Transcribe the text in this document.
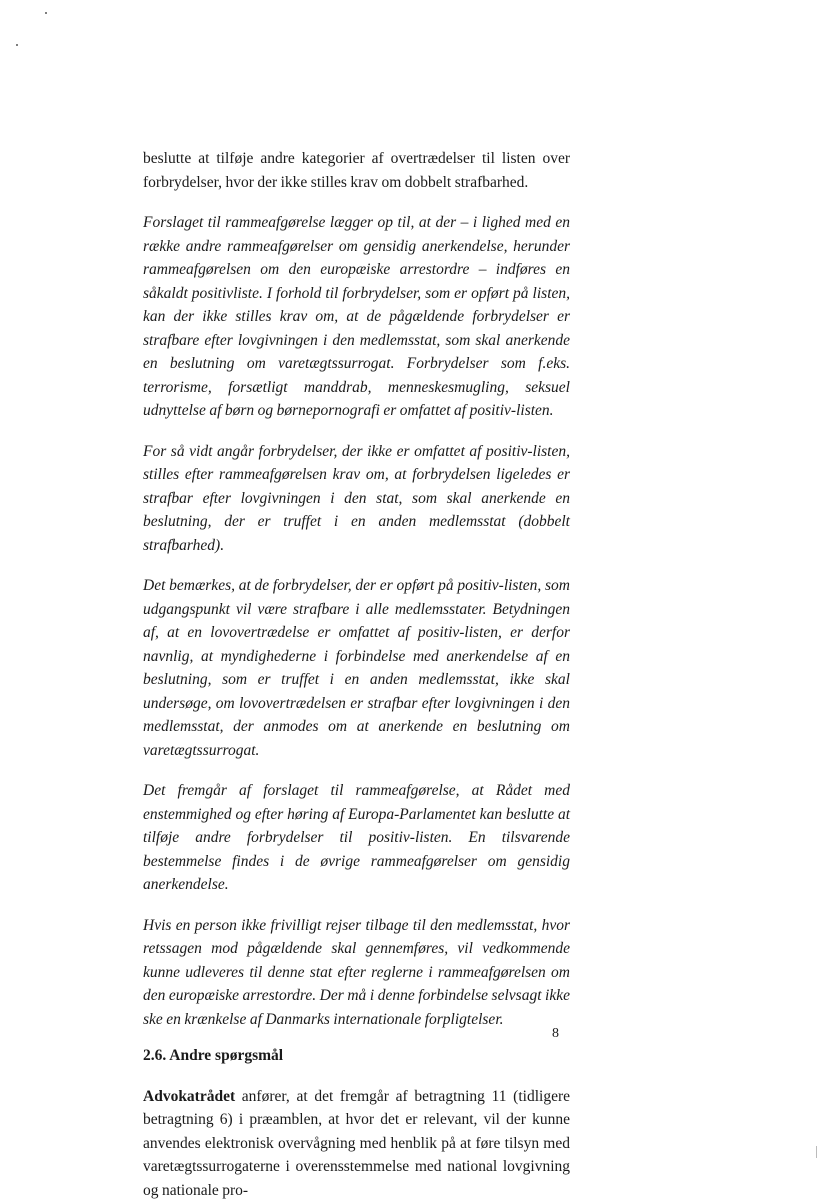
beslutte at tilføje andre kategorier af overtrædelser til listen over forbrydelser, hvor der ikke stilles krav om dobbelt strafbarhed.

Forslaget til rammeafgørelse lægger op til, at der – i lighed med en række andre rammeafgørelser om gensidig anerkendelse, herunder rammeafgørelsen om den europæiske arrestordre – indføres en såkaldt positivliste. I forhold til forbrydelser, som er opført på listen, kan der ikke stilles krav om, at de pågældende forbrydelser er strafbare efter lovgivningen i den medlemsstat, som skal anerkende en beslutning om varetægtssurrogat. Forbrydelser som f.eks. terrorisme, forsætligt manddrab, menneskesmugling, seksuel udnyttelse af børn og børnepornografi er omfattet af positiv-listen.

For så vidt angår forbrydelser, der ikke er omfattet af positiv-listen, stilles efter rammeafgørelsen krav om, at forbrydelsen ligeledes er strafbar efter lovgivningen i den stat, som skal anerkende en beslutning, der er truffet i en anden medlemsstat (dobbelt strafbarhed).

Det bemærkes, at de forbrydelser, der er opført på positiv-listen, som udgangspunkt vil være strafbare i alle medlemsstater. Betydningen af, at en lovovertrædelse er omfattet af positiv-listen, er derfor navnlig, at myndighederne i forbindelse med anerkendelse af en beslutning, som er truffet i en anden medlemsstat, ikke skal undersøge, om lovovertrædelsen er strafbar efter lovgivningen i den medlemsstat, der anmodes om at anerkende en beslutning om varetægtssurrogat.

Det fremgår af forslaget til rammeafgørelse, at Rådet med enstemmighed og efter høring af Europa-Parlamentet kan beslutte at tilføje andre forbrydelser til positiv-listen. En tilsvarende bestemmelse findes i de øvrige rammeafgørelser om gensidig anerkendelse.

Hvis en person ikke frivilligt rejser tilbage til den medlemsstat, hvor retssagen mod pågældende skal gennemføres, vil vedkommende kunne udleveres til denne stat efter reglerne i rammeafgørelsen om den europæiske arrestordre. Der må i denne forbindelse selvsagt ikke ske en krænkelse af Danmarks internationale forpligtelser.

2.6. Andre spørgsmål

Advokatrådet anfører, at det fremgår af betragtning 11 (tidligere betragtning 6) i præamblen, at hvor det er relevant, vil der kunne anvendes elektronisk overvågning med henblik på at føre tilsyn med varetægtssurrogaterne i overensstemmelse med national lovgivning og nationale pro-

8
